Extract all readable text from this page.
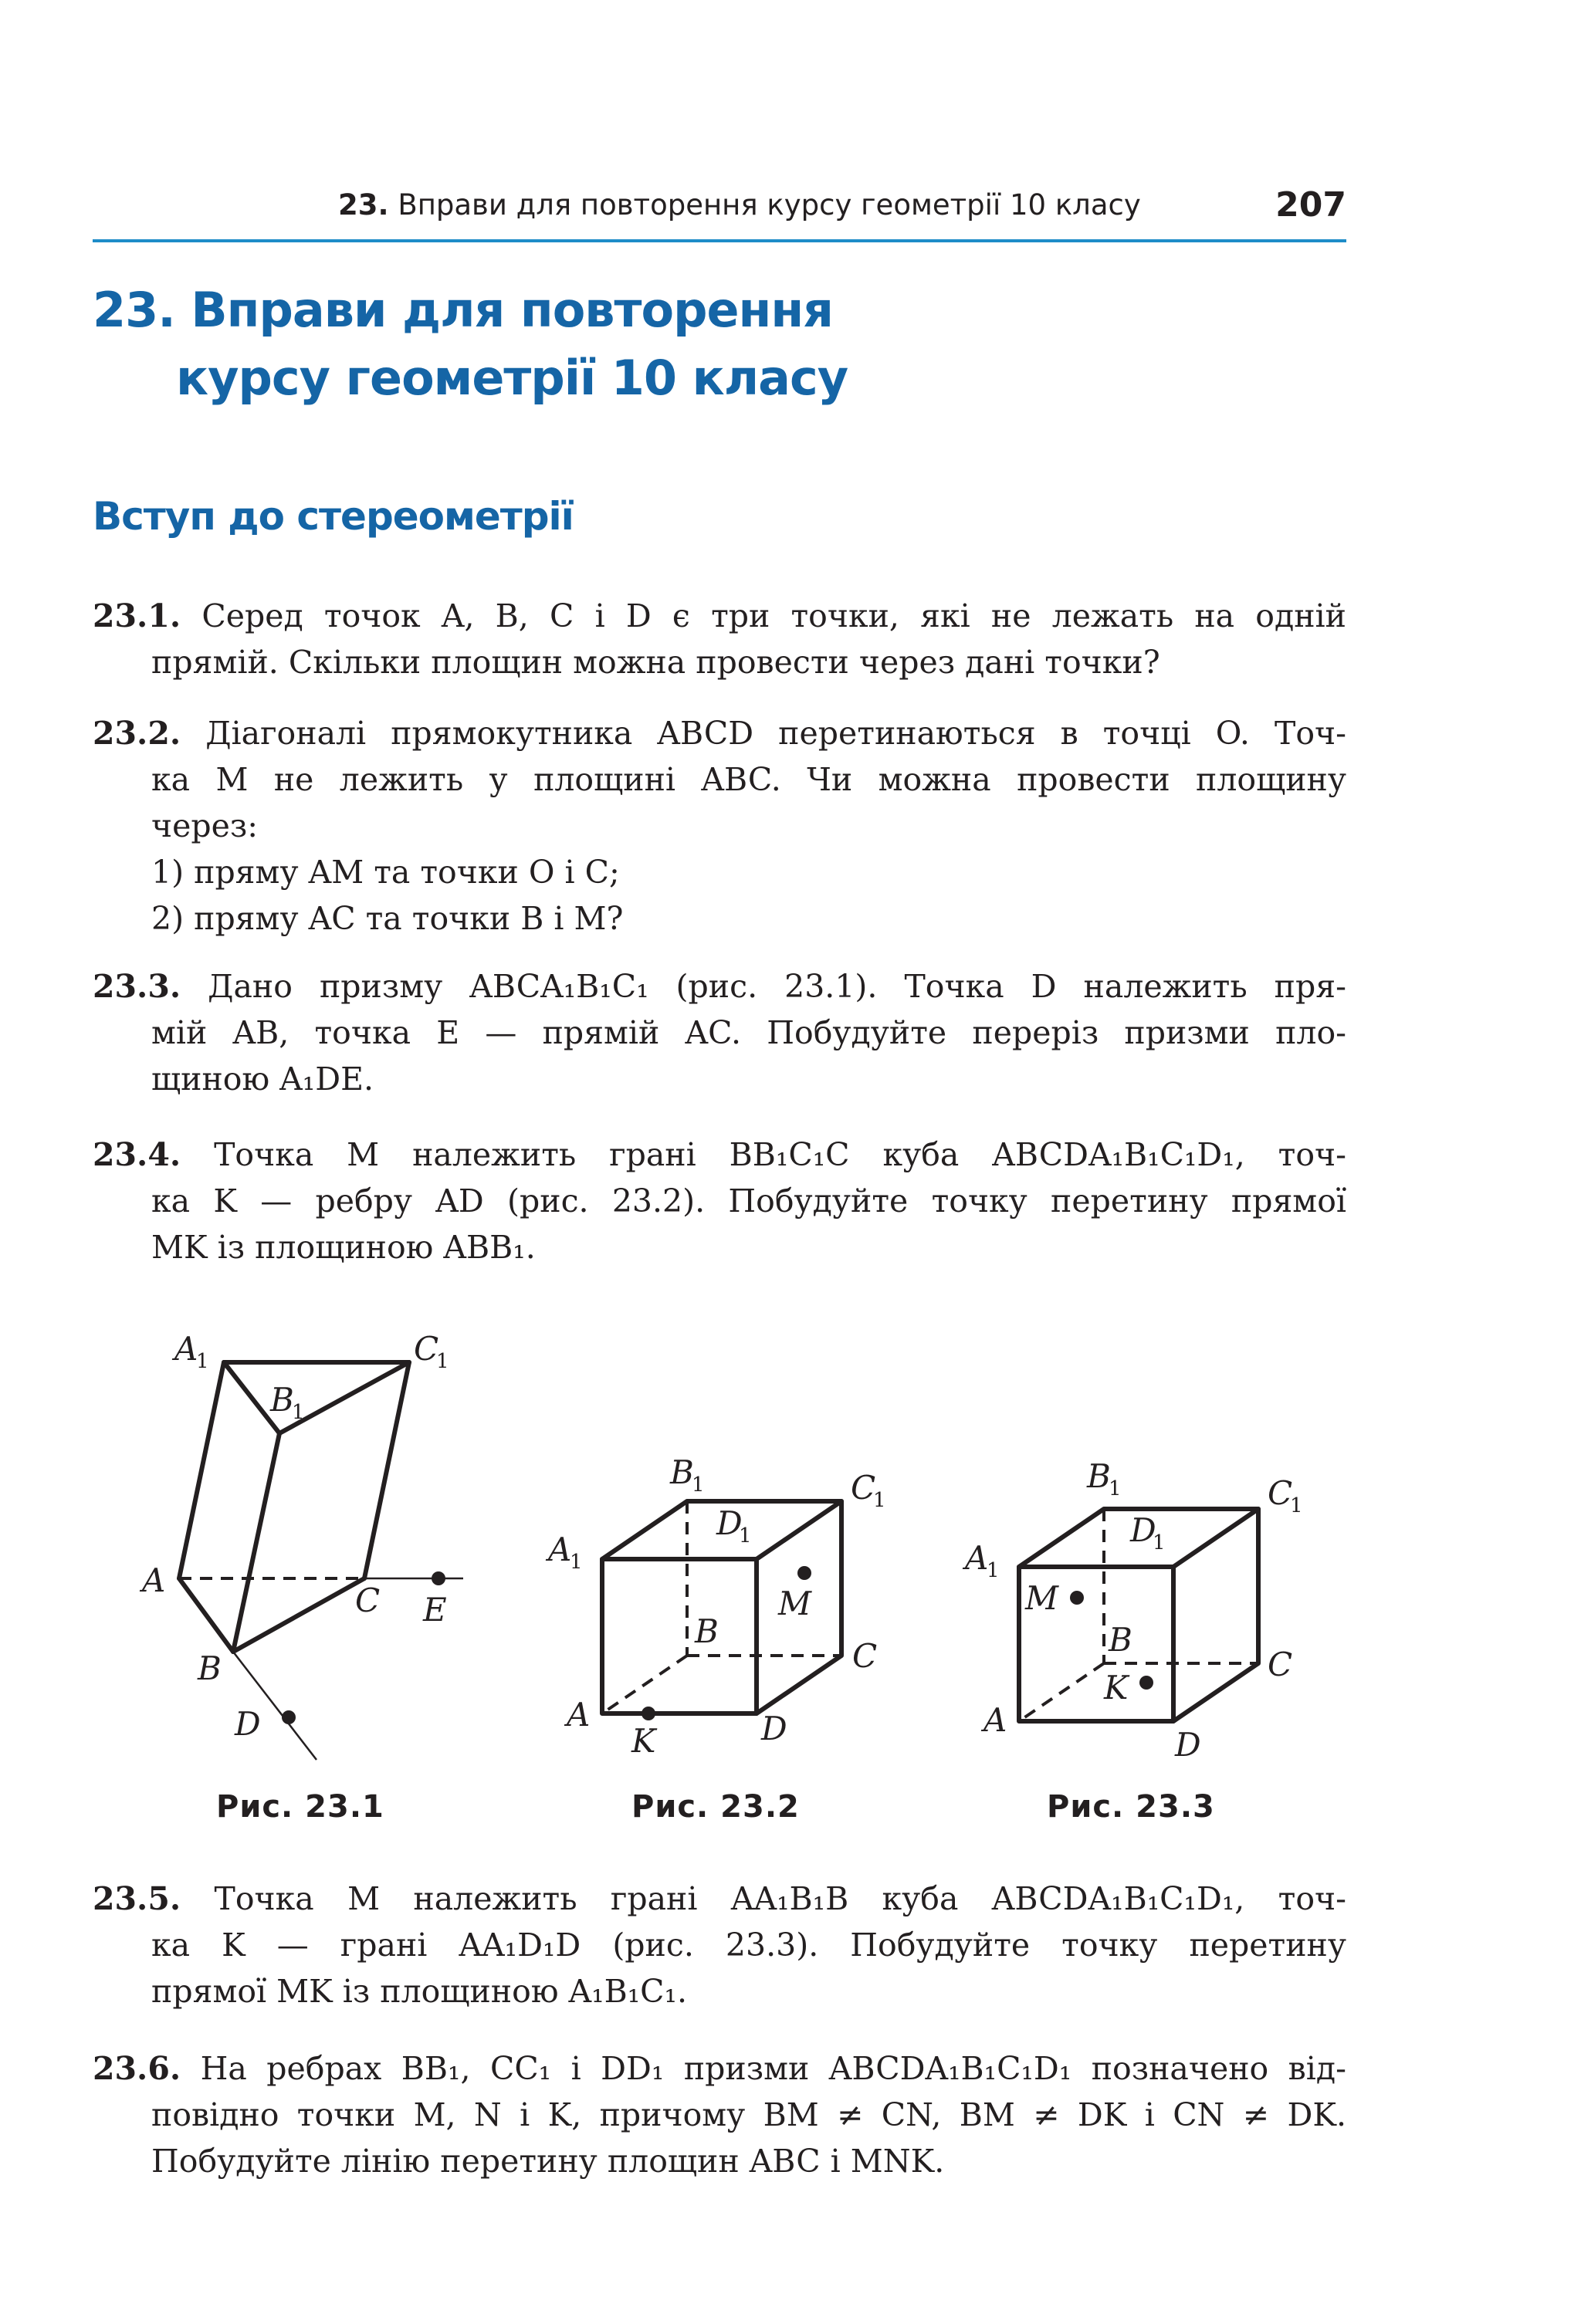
23. Вправи для повторення курсу геометрії 10 класу	207
23. Вправи для повторення
курсу геометрії 10 класу
Вступ до стереометрії
23.1. Серед точок A, B, C і D є три точки, які не лежать на одній
прямій. Скільки площин можна провести через дані точки?
23.2. Діагоналі прямокутника ABCD перетинаються в точці O. Точ-
ка M не лежить у площині ABC. Чи можна провести площину
через:
1) пряму AM та точки O і C;
2) пряму AC та точки B і M?
23.3. Дано призму ABCA₁B₁C₁ (рис. 23.1). Точка D належить пря-
мій AB, точка E — прямій AC. Побудуйте переріз призми пло-
щиною A₁DE.
23.4. Точка M належить грані BB₁C₁C куба ABCDA₁B₁C₁D₁, точ-
ка K — ребру AD (рис. 23.2). Побудуйте точку перетину прямої
MK із площиною ABB₁.
A
1	C
1
B
1
A
C E
B
D
Рис. 23.1
B
1	C
1
D
1
A
1
M
B
C
A
K	D
Рис. 23.2
B
1	C
1
D
1
A
1
M
B
K
C
A
D
Рис. 23.3
23.5. Точка M належить грані AA₁B₁B куба ABCDA₁B₁C₁D₁, точ-
ка K — грані AA₁D₁D (рис. 23.3). Побудуйте точку перетину
прямої MK із площиною A₁B₁C₁.
23.6. На ребрах BB₁, CC₁ і DD₁ призми ABCDA₁B₁C₁D₁ позначено від-
повідно точки M, N і K, причому BM ≠ CN, BM ≠ DK і CN ≠ DK.
Побудуйте лінію перетину площин ABC і MNK.
